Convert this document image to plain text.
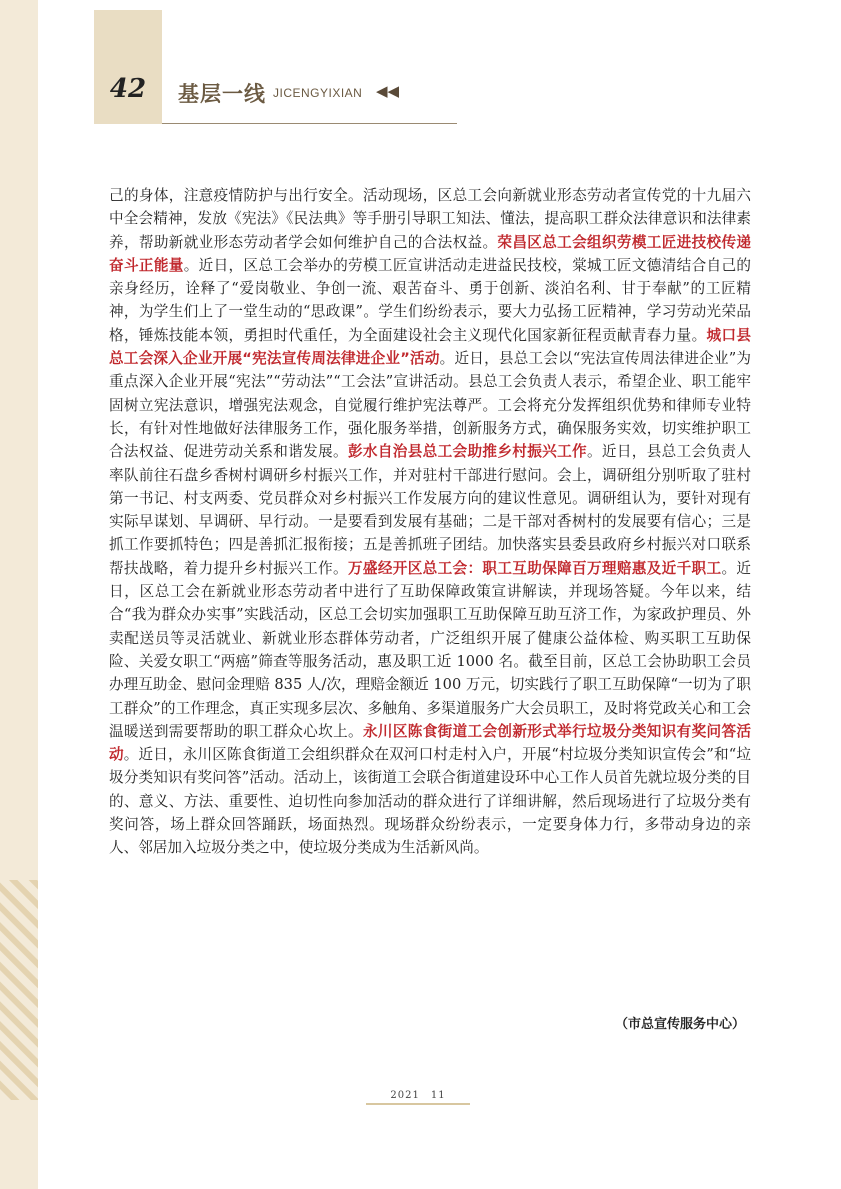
42	基层一线 JICENGYIXIAN ◀◀

己的身体，注意疫情防护与出行安全。活动现场，区总工会向新就业形态劳动者宣传党的十九届六中全会精神，发放《宪法》《民法典》等手册引导职工知法、懂法，提高职工群众法律意识和法律素养，帮助新就业形态劳动者学会如何维护自己的合法权益。荣昌区总工会组织劳模工匠进技校传递奋斗正能量。近日，区总工会举办的劳模工匠宣讲活动走进益民技校，棠城工匠文德清结合自己的亲身经历，诠释了“爱岗敬业、争创一流、艰苦奋斗、勇于创新、淡泊名利、甘于奉献”的工匠精神，为学生们上了一堂生动的“思政课”。学生们纷纷表示，要大力弘扬工匠精神，学习劳动光荣品格，锤炼技能本领，勇担时代重任，为全面建设社会主义现代化国家新征程贡献青春力量。城口县总工会深入企业开展“宪法宣传周法律进企业”活动。近日，县总工会以“宪法宣传周法律进企业”为重点深入企业开展“宪法”“劳动法”“工会法”宣讲活动。县总工会负责人表示，希望企业、职工能牢固树立宪法意识，增强宪法观念，自觉履行维护宪法尊严。工会将充分发挥组织优势和律师专业特长，有针对性地做好法律服务工作，强化服务举措，创新服务方式，确保服务实效，切实维护职工合法权益、促进劳动关系和谐发展。彭水自治县总工会助推乡村振兴工作。近日，县总工会负责人率队前往石盘乡香树村调研乡村振兴工作，并对驻村干部进行慰问。会上，调研组分别听取了驻村第一书记、村支两委、党员群众对乡村振兴工作发展方向的建议性意见。调研组认为，要针对现有实际早谋划、早调研、早行动。一是要看到发展有基础；二是干部对香树村的发展要有信心；三是抓工作要抓特色；四是善抓汇报衔接；五是善抓班子团结。加快落实县委县政府乡村振兴对口联系帮扶战略，着力提升乡村振兴工作。万盛经开区总工会：职工互助保障百万理赔惠及近千职工。近日，区总工会在新就业形态劳动者中进行了互助保障政策宣讲解读，并现场答疑。今年以来，结合“我为群众办实事”实践活动，区总工会切实加强职工互助保障互助互济工作，为家政护理员、外卖配送员等灵活就业、新就业形态群体劳动者，广泛组织开展了健康公益体检、购买职工互助保险、关爱女职工“两癌”筛查等服务活动，惠及职工近 1000 名。截至目前，区总工会协助职工会员办理互助金、慰问金理赔 835 人/次，理赔金额近 100 万元，切实践行了职工互助保障“一切为了职工群众”的工作理念，真正实现多层次、多触角、多渠道服务广大会员职工，及时将党政关心和工会温暖送到需要帮助的职工群众心坎上。永川区陈食街道工会创新形式举行垃圾分类知识有奖问答活动。近日，永川区陈食街道工会组织群众在双河口村走村入户，开展“村垃圾分类知识宣传会”和“垃圾分类知识有奖问答”活动。活动上，该街道工会联合街道建设环中心工作人员首先就垃圾分类的目的、意义、方法、重要性、迫切性向参加活动的群众进行了详细讲解，然后现场进行了垃圾分类有奖问答，场上群众回答踊跃，场面热烈。现场群众纷纷表示，一定要身体力行，多带动身边的亲人、邻居加入垃圾分类之中，使垃圾分类成为生活新风尚。

（市总宣传服务中心）
2021　11
